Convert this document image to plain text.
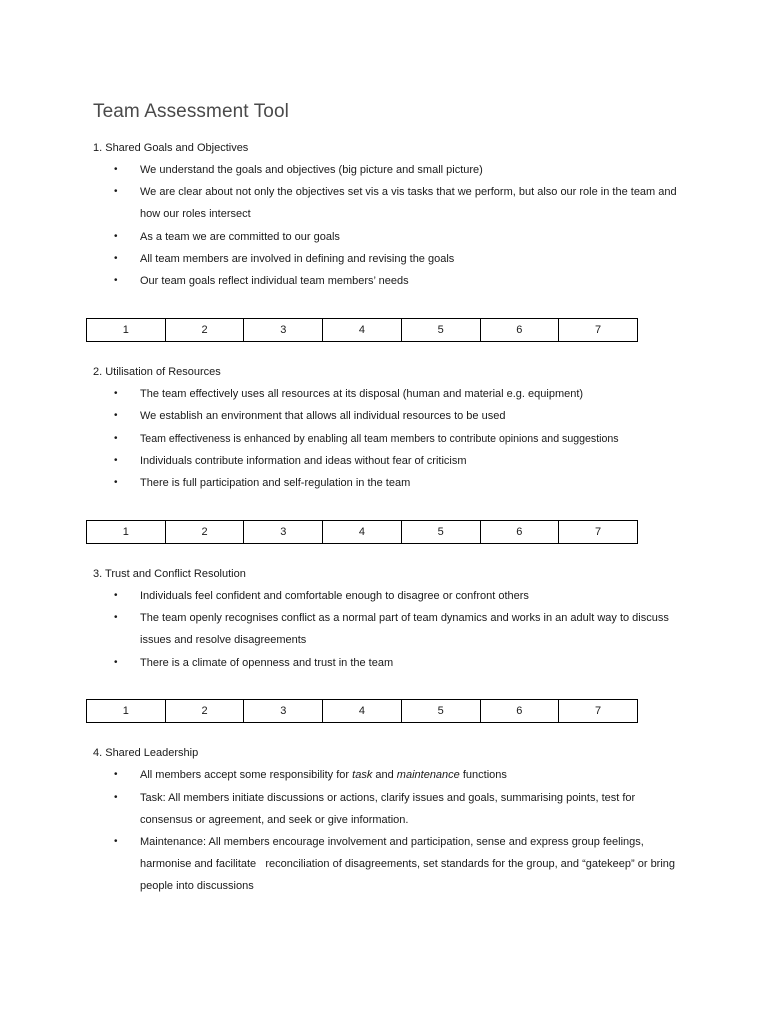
Team Assessment Tool

1. Shared Goals and Objectives

• We understand the goals and objectives (big picture and small picture)
• We are clear about not only the objectives set vis a vis tasks that we perform, but also our role in the team and how our roles intersect
• As a team we are committed to our goals
• All team members are involved in defining and revising the goals
• Our team goals reflect individual team members’ needs
1	2	3	4	5	6	7

2. Utilisation of Resources

• The team effectively uses all resources at its disposal (human and material e.g. equipment)
• We establish an environment that allows all individual resources to be used
• Team effectiveness is enhanced by enabling all team members to contribute opinions and suggestions
• Individuals contribute information and ideas without fear of criticism
• There is full participation and self-regulation in the team
1	2	3	4	5	6	7

3. Trust and Conflict Resolution

• Individuals feel confident and comfortable enough to disagree or confront others
• The team openly recognises conflict as a normal part of team dynamics and works in an adult way to discuss issues and resolve disagreements
• There is a climate of openness and trust in the team
1	2	3	4	5	6	7

4. Shared Leadership

• All members accept some responsibility for task and maintenance functions
• Task: All members initiate discussions or actions, clarify issues and goals, summarising points, test for consensus or agreement, and seek or give information.
• Maintenance: All members encourage involvement and participation, sense and express group feelings, harmonise and facilitate   reconciliation of disagreements, set standards for the group, and “gatekeep” or bring people into discussions
